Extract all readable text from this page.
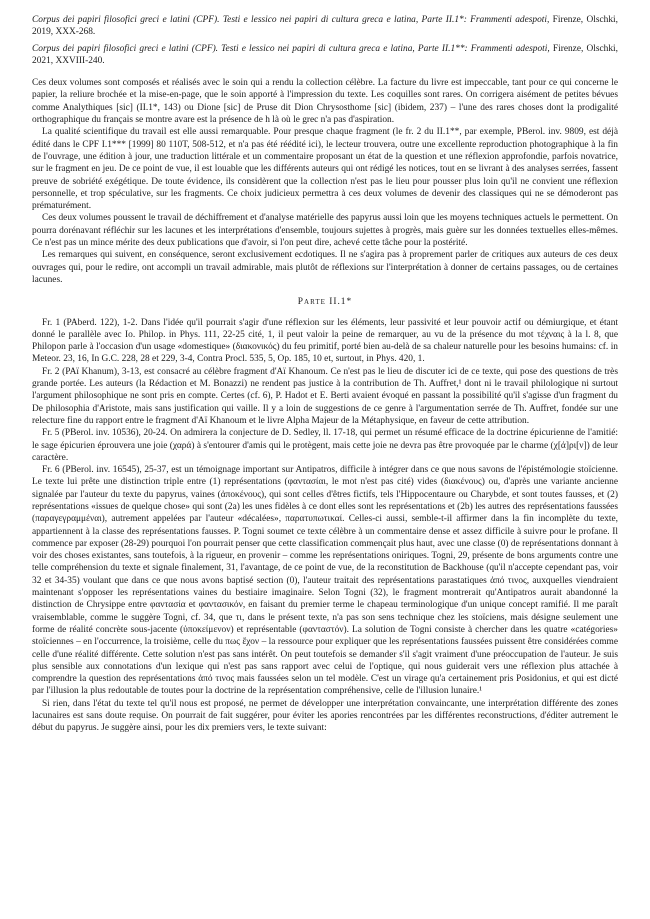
Corpus dei papiri filosofici greci e latini (CPF). Testi e lessico nei papiri di cultura greca e latina, Parte II.1*: Frammenti adespoti, Firenze, Olschki, 2019, XXX-268.
Corpus dei papiri filosofici greci e latini (CPF). Testi e lessico nei papiri di cultura greca e latina, Parte II.1**: Frammenti adespoti, Firenze, Olschki, 2021, XXVIII-240.

Ces deux volumes sont composés et réalisés avec le soin qui a rendu la collection célèbre. La facture du livre est impeccable, tant pour ce qui concerne le papier, la reliure brochée et la mise-en-page, que le soin apporté à l'impression du texte. Les coquilles sont rares. On corrigera aisément de petites bévues comme Analythiques [sic] (II.1*, 143) ou Dione [sic] de Pruse dit Dion Chrysosthome [sic] (ibidem, 237) – l'une des rares choses dont la prodigalité orthographique du français se montre avare est la présence de h là où le grec n'a pas d'aspiration.

La qualité scientifique du travail est elle aussi remarquable. Pour presque chaque fragment (le fr. 2 du II.1**, par exemple, PBerol. inv. 9809, est déjà édité dans le CPF I.1*** [1999] 80 110T, 508-512, et n'a pas été réédité ici), le lecteur trouvera, outre une excellente reproduction photographique à la fin de l'ouvrage, une édition à jour, une traduction littérale et un commentaire proposant un état de la question et une réflexion approfondie, parfois novatrice, sur le fragment en jeu. De ce point de vue, il est louable que les différents auteurs qui ont rédigé les notices, tout en se livrant à des analyses serrées, fassent preuve de sobriété exégétique. De toute évidence, ils considèrent que la collection n'est pas le lieu pour pousser plus loin qu'il ne convient une réflexion personnelle, et trop spéculative, sur les fragments. Ce choix judicieux permettra à ces deux volumes de devenir des classiques qui ne se démoderont pas prématurément.

Ces deux volumes poussent le travail de déchiffrement et d'analyse matérielle des papyrus aussi loin que les moyens techniques actuels le permettent. On pourra dorénavant réfléchir sur les lacunes et les interprétations d'ensemble, toujours sujettes à progrès, mais guère sur les données textuelles elles-mêmes. Ce n'est pas un mince mérite des deux publications que d'avoir, si l'on peut dire, achevé cette tâche pour la postérité.

Les remarques qui suivent, en conséquence, seront exclusivement ecdotiques. Il ne s'agira pas à proprement parler de critiques aux auteurs de ces deux ouvrages qui, pour le redire, ont accompli un travail admirable, mais plutôt de réflexions sur l'interprétation à donner de certains passages, ou de certaines lacunes.

Parte II.1*

Fr. 1 (PAberd. 122), 1-2. Dans l'idée qu'il pourrait s'agir d'une réflexion sur les éléments, leur passivité et leur pouvoir actif ou démiurgique, et étant donné le parallèle avec Io. Philop. in Phys. 111, 22-25 cité, 1, il peut valoir la peine de remarquer, au vu de la présence du mot τέχναις à la l. 8, que Philopon parle à l'occasion d'un usage «domestique» (διακονικός) du feu primitif, porté bien au-delà de sa chaleur naturelle pour les besoins humains: cf. in Meteor. 23, 16, In G.C. 228, 28 et 229, 3-4, Contra Procl. 535, 5, Op. 185, 10 et, surtout, in Phys. 420, 1.

Fr. 2 (PAï Khanum), 3-13, est consacré au célèbre fragment d'Aï Khanoum. Ce n'est pas le lieu de discuter ici de ce texte, qui pose des questions de très grande portée. Les auteurs (la Rédaction et M. Bonazzi) ne rendent pas justice à la contribution de Th. Auffret,¹ dont ni le travail philologique ni surtout l'argument philosophique ne sont pris en compte. Certes (cf. 6), P. Hadot et E. Berti avaient évoqué en passant la possibilité qu'il s'agisse d'un fragment du De philosophia d'Aristote, mais sans justification qui vaille. Il y a loin de suggestions de ce genre à l'argumentation serrée de Th. Auffret, fondée sur une relecture fine du rapport entre le fragment d'Aï Khanoum et le livre Alpha Majeur de la Métaphysique, en faveur de cette attribution.

Fr. 5 (PBerol. inv. 10536), 20-24. On admirera la conjecture de D. Sedley, ll. 17-18, qui permet un résumé efficace de la doctrine épicurienne de l'amitié: le sage épicurien éprouvera une joie (χαρά) à s'entourer d'amis qui le protègent, mais cette joie ne devra pas être provoquée par le charme (χ[ά]ρι[ν]) de leur caractère.

Fr. 6 (PBerol. inv. 16545), 25-37, est un témoignage important sur Antipatros, difficile à intégrer dans ce que nous savons de l'épistémologie stoïcienne. Le texte lui prête une distinction triple entre (1) représentations (φαντασίαι, le mot n'est pas cité) vides (διακένους) ou, d'après une variante ancienne signalée par l'auteur du texte du papyrus, vaines (ἀποκένους), qui sont celles d'êtres fictifs, tels l'Hippocentaure ou Charybde, et sont toutes fausses, et (2) représentations «issues de quelque chose» qui sont (2a) les unes fidèles à ce dont elles sont les représentations et (2b) les autres des représentations faussées (παραγεγραμμέναι), autrement appelées par l'auteur «décalées», παρατυπωτικαί. Celles-ci aussi, semble-t-il affirmer dans la fin incomplète du texte, appartiennent à la classe des représentations fausses. P. Togni soumet ce texte célèbre à un commentaire dense et assez difficile à suivre pour le profane. Il commence par exposer (28-29) pourquoi l'on pourrait penser que cette classification commençait plus haut, avec une classe (0) de représentations donnant à voir des choses existantes, sans toutefois, à la rigueur, en provenir – comme les représentations oniriques. Togni, 29, présente de bons arguments contre une telle compréhension du texte et signale finalement, 31, l'avantage, de ce point de vue, de la reconstitution de Backhouse (qu'il n'accepte cependant pas, voir 32 et 34-35) voulant que dans ce que nous avons baptisé section (0), l'auteur traitait des représentations parastatiques ἀπό τινος, auxquelles viendraient maintenant s'opposer les représentations vaines du bestiaire imaginaire. Selon Togni (32), le fragment montrerait qu'Antipatros aurait abandonné la distinction de Chrysippe entre φαντασία et φαντασικόν, en faisant du premier terme le chapeau terminologique d'un unique concept ramifié. Il me paraît vraisemblable, comme le suggère Togni, cf. 34, que τι, dans le présent texte, n'a pas son sens technique chez les stoïciens, mais désigne seulement une forme de réalité concrète sous-jacente (ὑποκείμενον) et représentable (φανταστόν). La solution de Togni consiste à chercher dans les quatre «catégories» stoïciennes – en l'occurrence, la troisième, celle du πως ἔχον – la ressource pour expliquer que les représentations faussées puissent être considérées comme celle d'une réalité différente. Cette solution n'est pas sans intérêt. On peut toutefois se demander s'il s'agit vraiment d'une préoccupation de l'auteur. Je suis plus sensible aux connotations d'un lexique qui n'est pas sans rapport avec celui de l'optique, qui nous guiderait vers une réflexion plus attachée à comprendre la question des représentations ἀπό τινος mais faussées selon un tel modèle. C'est un virage qu'a certainement pris Posidonius, et qui est dicté par l'illusion la plus redoutable de toutes pour la doctrine de la représentation compréhensive, celle de l'illusion lunaire.¹

Si rien, dans l'état du texte tel qu'il nous est proposé, ne permet de développer une interprétation convaincante, une interprétation différente des zones lacunaires est sans doute requise. On pourrait de fait suggérer, pour éviter les apories rencontrées par les différentes reconstructions, d'éditer autrement le début du papyrus. Je suggère ainsi, pour les dix premiers vers, le texte suivant:
